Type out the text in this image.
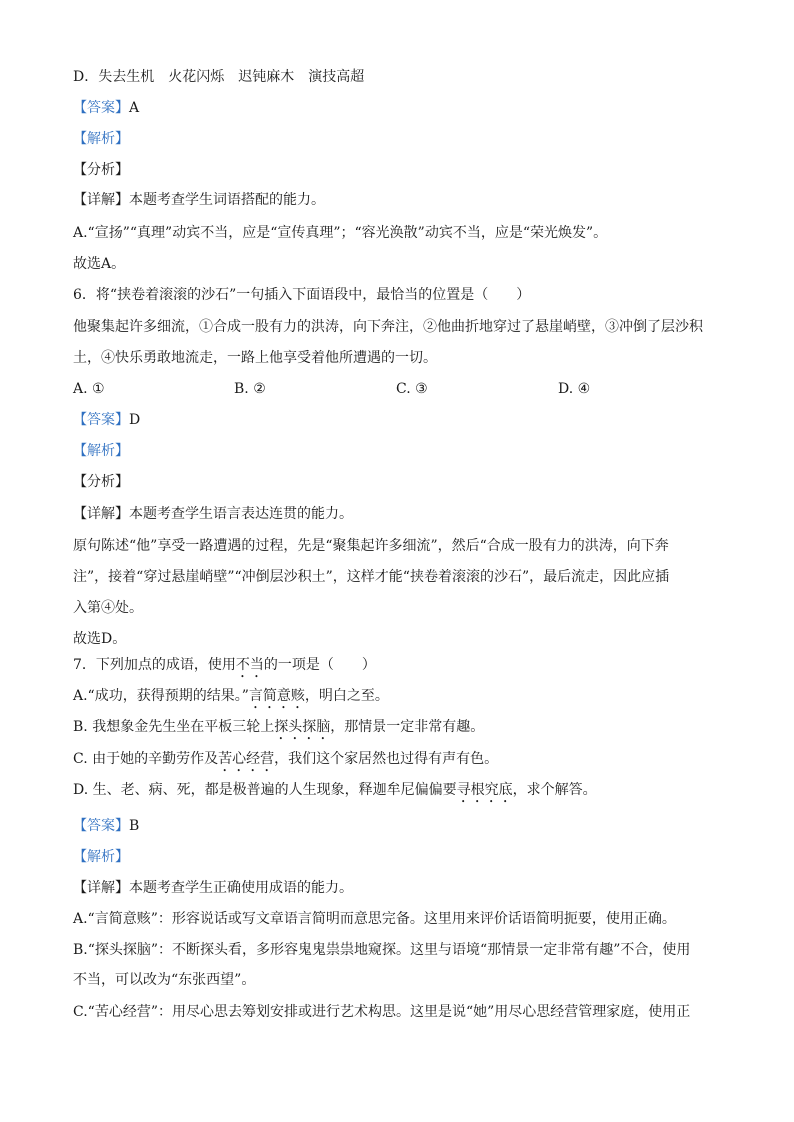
D．失去生机　火花闪烁　迟钝麻木　演技高超
【答案】A
【解析】
【分析】
【详解】本题考查学生词语搭配的能力。
A.“宣扬”“真理”动宾不当，应是“宣传真理”；“容光涣散”动宾不当，应是“荣光焕发”。
故选A。
6．将“挟卷着滚滚的沙石”一句插入下面语段中，最恰当的位置是（　　）
他聚集起许多细流，①合成一股有力的洪涛，向下奔注，②他曲折地穿过了悬崖峭壁，③冲倒了层沙积
土，④快乐勇敢地流走，一路上他享受着他所遭遇的一切。
A. ①	B. ②	C. ③	D. ④
【答案】D
【解析】
【分析】
【详解】本题考查学生语言表达连贯的能力。
原句陈述“他”享受一路遭遇的过程，先是“聚集起许多细流”，然后“合成一股有力的洪涛，向下奔
注”，接着“穿过悬崖峭壁”“冲倒层沙积土”，这样才能“挟卷着滚滚的沙石”，最后流走，因此应插
入第④处。
故选D。
7．下列加点的成语，使用不当的一项是（　　）
A.“成功，获得预期的结果。”言简意赅，明白之至。
B. 我想象金先生坐在平板三轮上探头探脑，那情景一定非常有趣。
C. 由于她的辛勤劳作及苦心经营，我们这个家居然也过得有声有色。
D. 生、老、病、死，都是极普遍的人生现象，释迦牟尼偏偏要寻根究底，求个解答。
【答案】B
【解析】
【详解】本题考查学生正确使用成语的能力。
A.“言简意赅”：形容说话或写文章语言简明而意思完备。这里用来评价话语简明扼要，使用正确。
B.“探头探脑”：不断探头看，多形容鬼鬼祟祟地窥探。这里与语境“那情景一定非常有趣”不合，使用
不当，可以改为“东张西望”。
C.“苦心经营”：用尽心思去筹划安排或进行艺术构思。这里是说“她”用尽心思经营管理家庭，使用正
